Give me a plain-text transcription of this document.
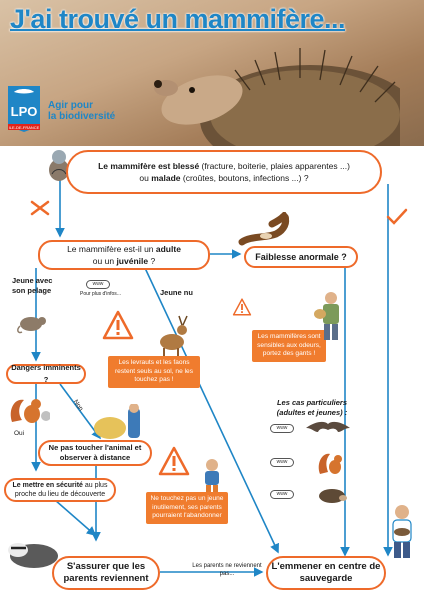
J'ai trouvé un mammifère...
LPO
ILE-DE-FRANCE
Agir pour
la biodiversité
Le mammifère est blessé (fracture, boiterie, plaies apparentes ...)
ou malade (croûtes, boutons, infections ...) ?
Le mammifère est-il un adulte
ou un juvénile ?	Faiblesse anormale ?
Jeune avec son pelage
www
Pour plus d'infos...	Jeune nu
Les levrauts et les faons restent seuls au sol, ne les touchez pas !
Les mammifères sont sensibles aux odeurs, portez des gants !
Dangers imminents ?
Non
Oui
Ne pas toucher l'animal et observer à distance
Ne touchez pas un jeune inutilement, ses parents pourraient l'abandonner
Le mettre en sécurité au plus proche du lieu de découverte
Les cas particuliers (adultes et jeunes) :
www
www
www
S'assurer que les parents reviennent
Les parents ne reviennent pas...
L'emmener en centre de sauvegarde
